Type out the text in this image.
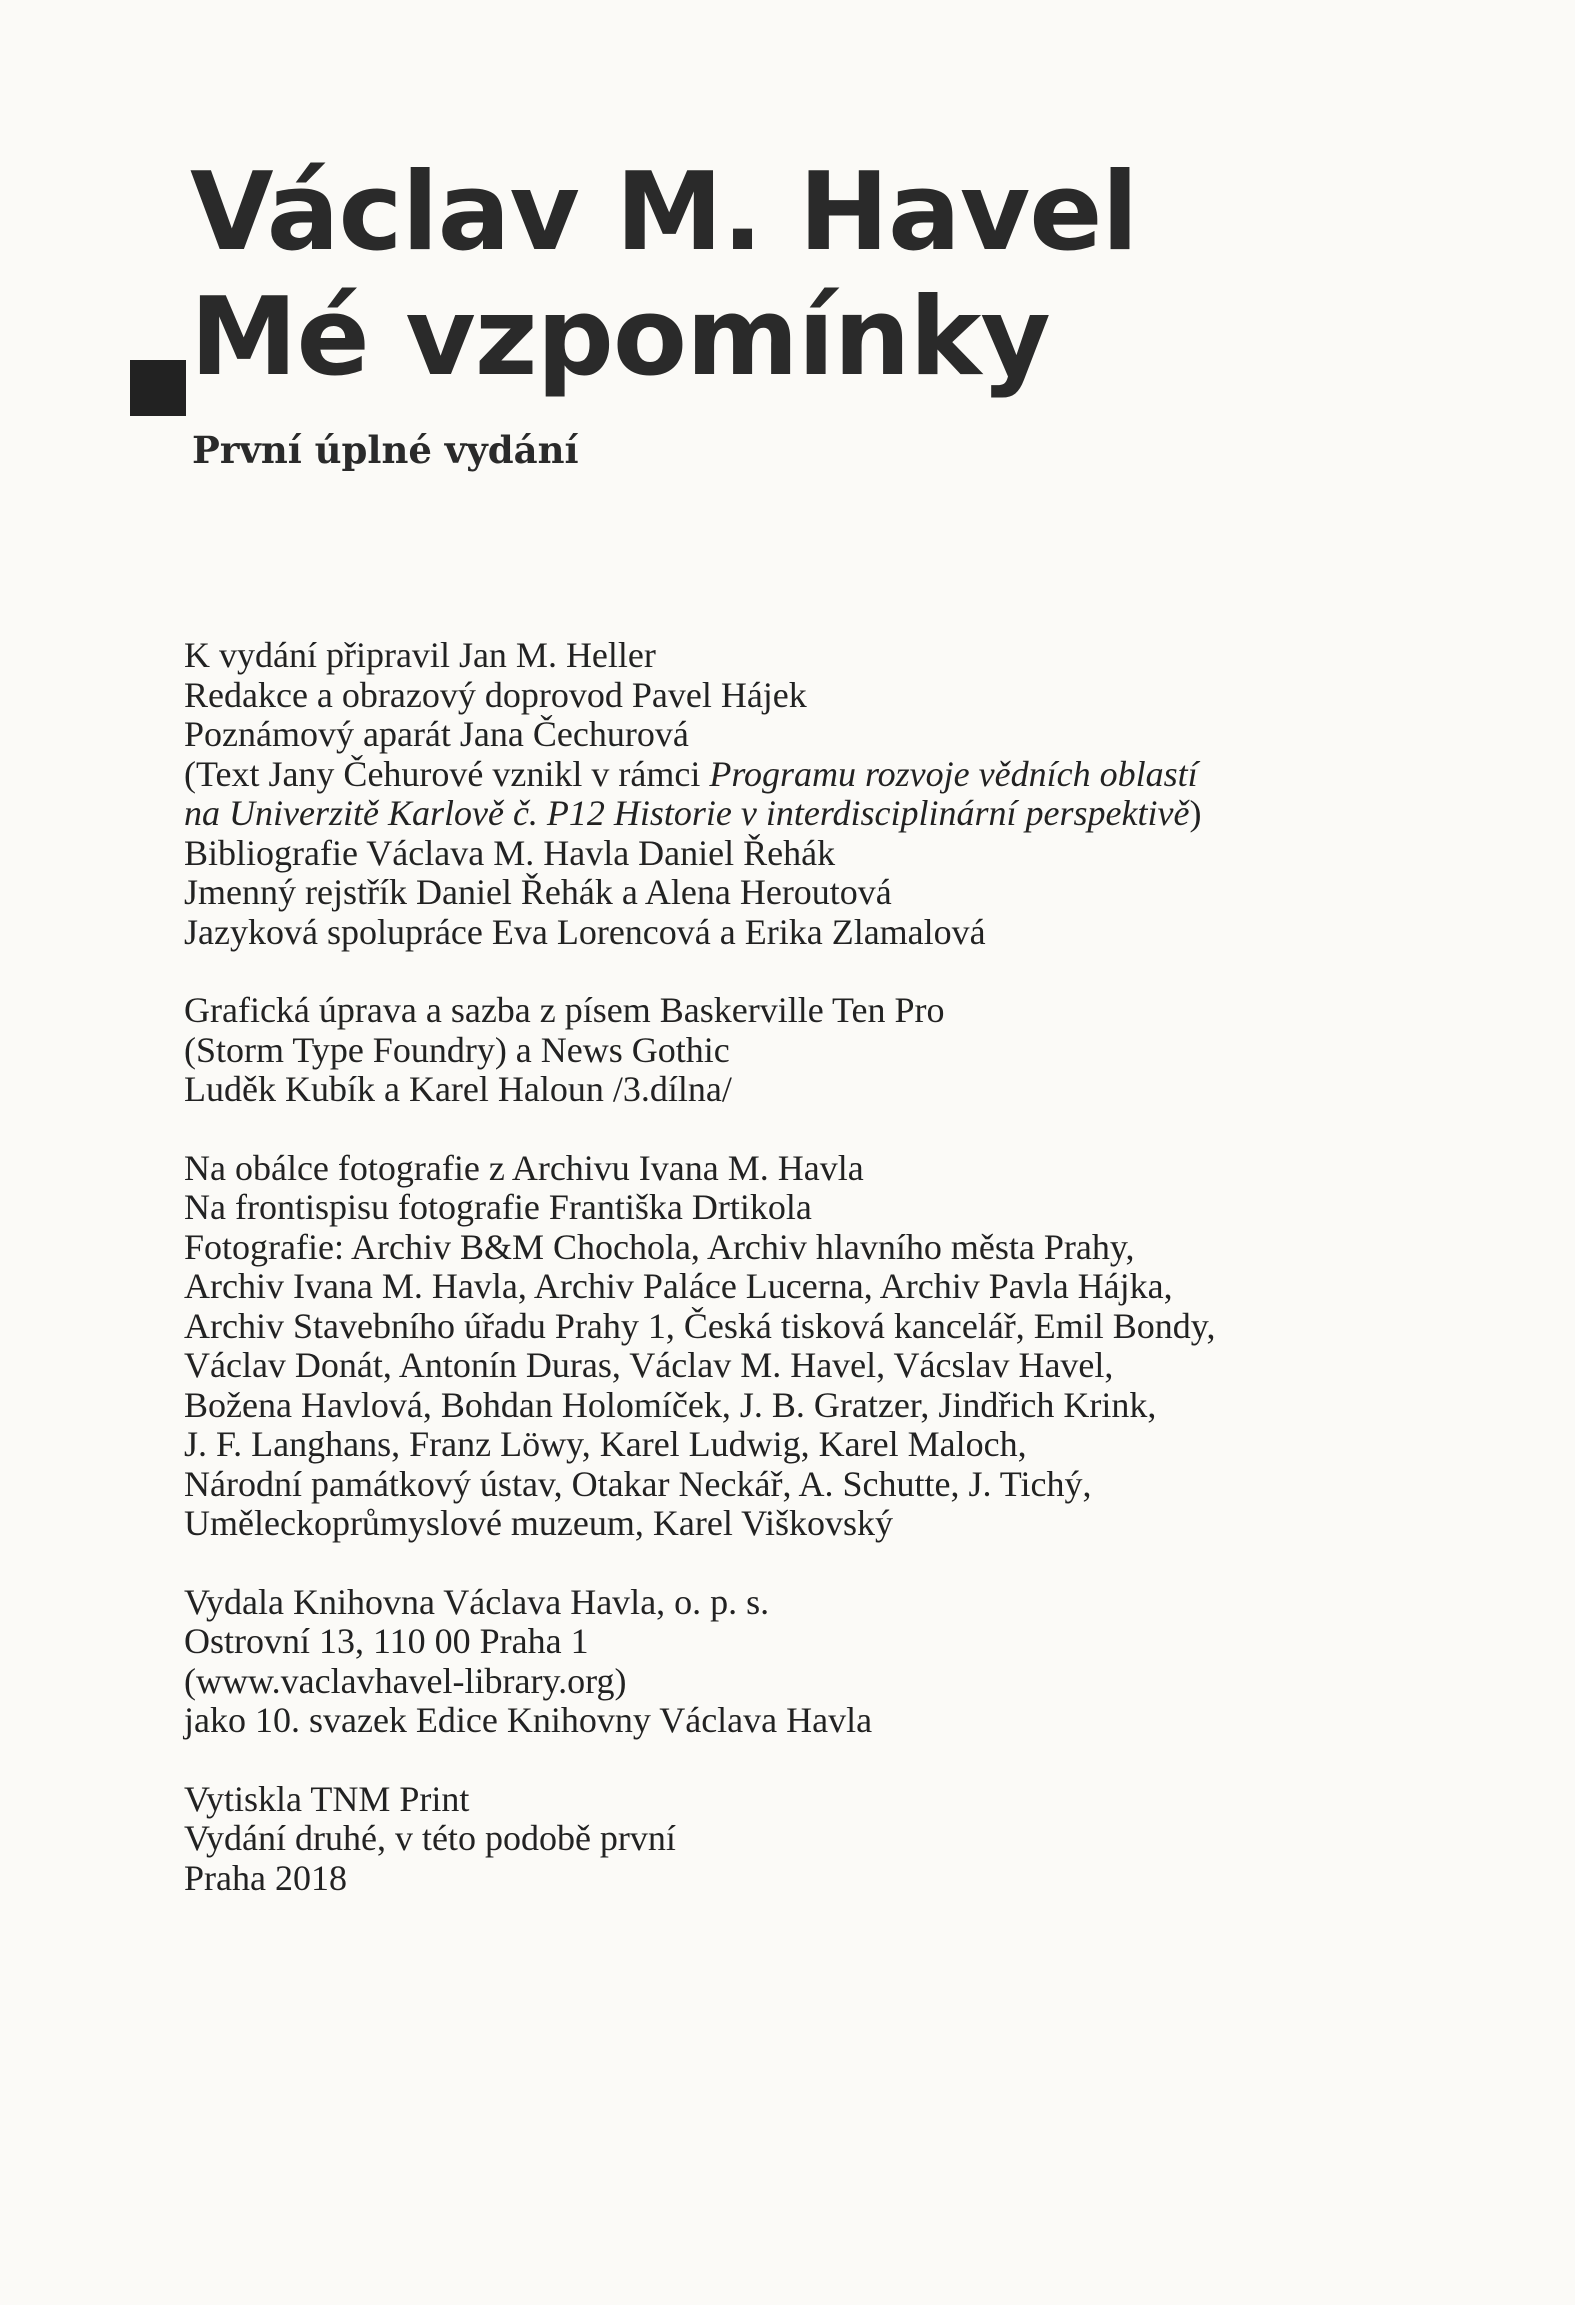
Václav M. Havel
Mé vzpomínky
První úplné vydání

K vydání připravil Jan M. Heller
Redakce a obrazový doprovod Pavel Hájek
Poznámový aparát Jana Čechurová
(Text Jany Čehurové vznikl v rámci Programu rozvoje vědních oblastí
na Univerzitě Karlově č. P12 Historie v interdisciplinární perspektivě)
Bibliografie Václava M. Havla Daniel Řehák
Jmenný rejstřík Daniel Řehák a Alena Heroutová
Jazyková spolupráce Eva Lorencová a Erika Zlamalová

Grafická úprava a sazba z písem Baskerville Ten Pro
(Storm Type Foundry) a News Gothic
Luděk Kubík a Karel Haloun /3.dílna/

Na obálce fotografie z Archivu Ivana M. Havla
Na frontispisu fotografie Františka Drtikola
Fotografie: Archiv B&M Chochola, Archiv hlavního města Prahy,
Archiv Ivana M. Havla, Archiv Paláce Lucerna, Archiv Pavla Hájka,
Archiv Stavebního úřadu Prahy 1, Česká tisková kancelář, Emil Bondy,
Václav Donát, Antonín Duras, Václav M. Havel, Vácslav Havel,
Božena Havlová, Bohdan Holomíček, J. B. Gratzer, Jindřich Krink,
J. F. Langhans, Franz Löwy, Karel Ludwig, Karel Maloch,
Národní památkový ústav, Otakar Neckář, A. Schutte, J. Tichý,
Uměleckoprůmyslové muzeum, Karel Viškovský

Vydala Knihovna Václava Havla, o. p. s.
Ostrovní 13, 110 00 Praha 1
(www.vaclavhavel-library.org)
jako 10. svazek Edice Knihovny Václava Havla

Vytiskla TNM Print
Vydání druhé, v této podobě první
Praha 2018
